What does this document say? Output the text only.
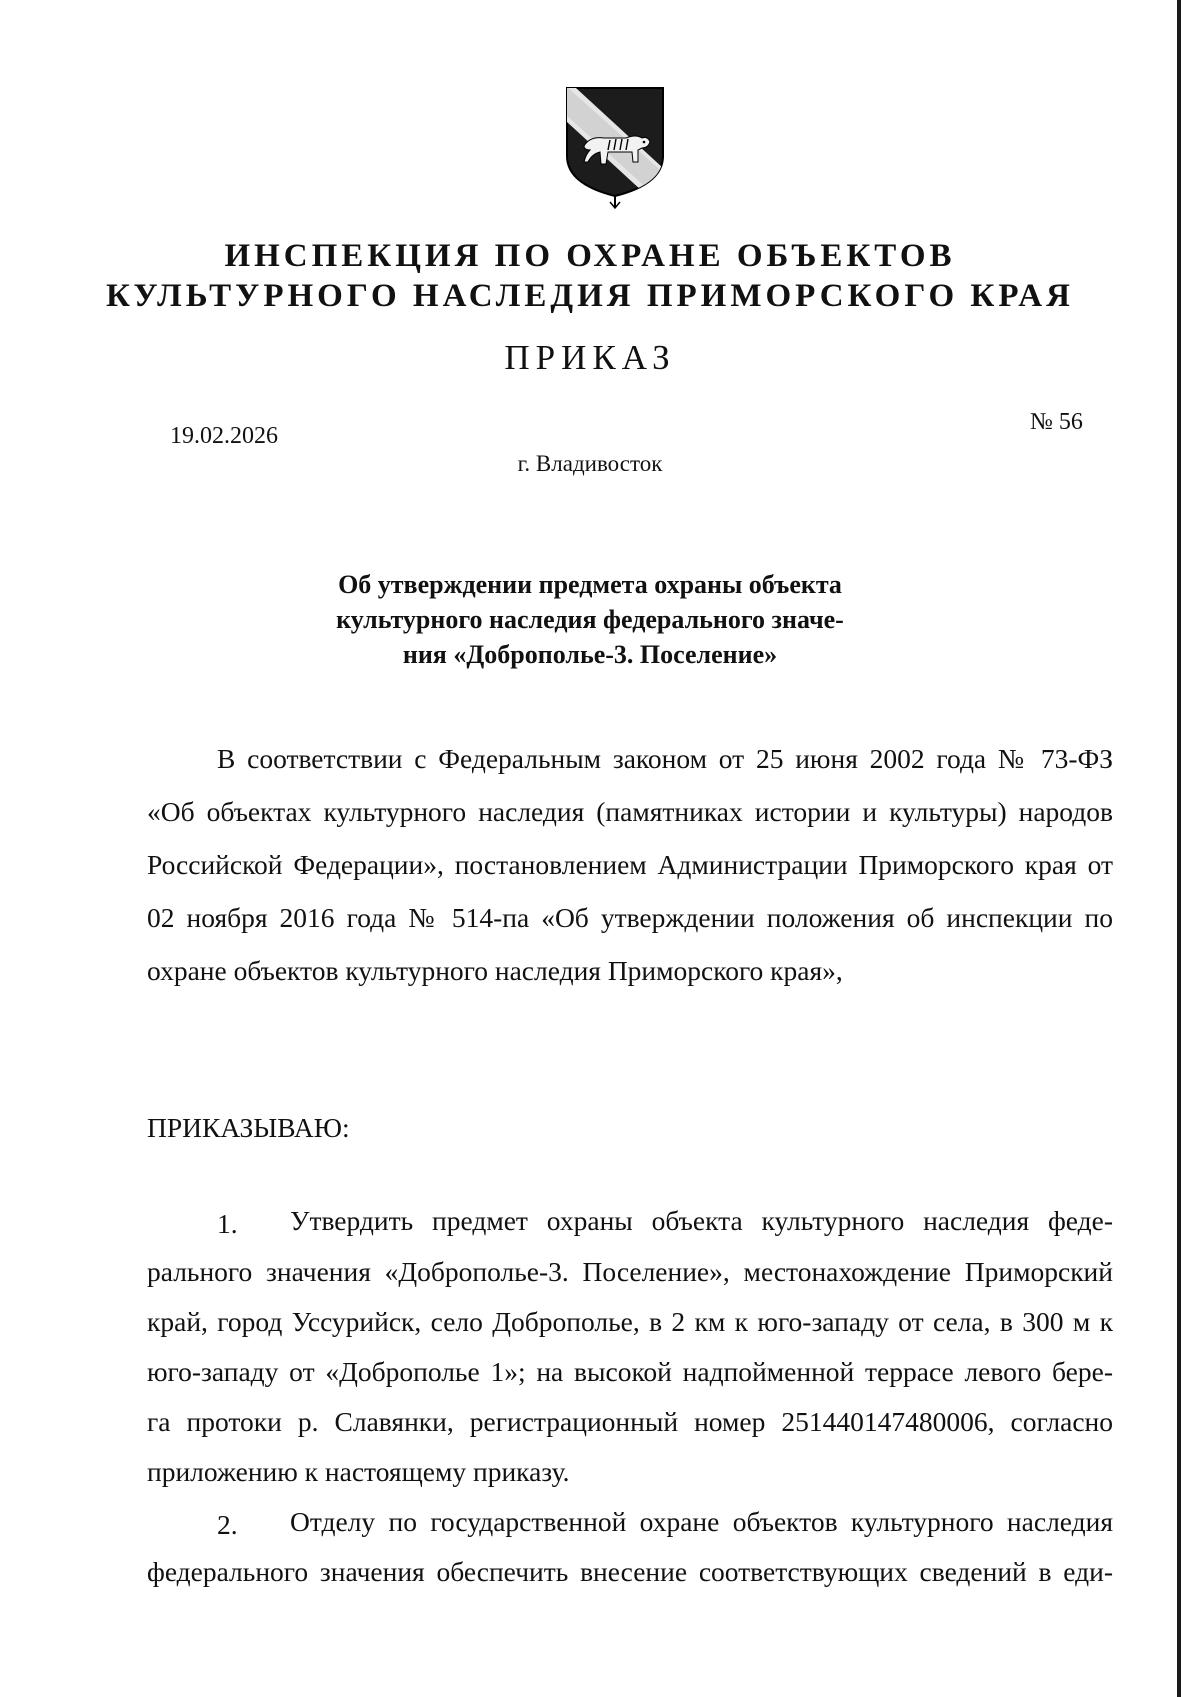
ИНСПЕКЦИЯ ПО ОХРАНЕ ОБЪЕКТОВ
КУЛЬТУРНОГО НАСЛЕДИЯ ПРИМОРСКОГО КРАЯ
ПРИКАЗ
19.02.2026
№ 56
г. Владивосток
Об утверждении предмета охраны объекта
культурного наследия федерального значе-
ния «Доброполье-3. Поселение»
В соответствии с Федеральным законом от 25 июня 2002 года № 73-ФЗ
«Об объектах культурного наследия (памятниках истории и культуры) народов
Российской Федерации», постановлением Администрации Приморского края от
02 ноября 2016 года № 514-па «Об утверждении положения об инспекции по
охране объектов культурного наследия Приморского края»,
ПРИКАЗЫВАЮ:
1. Утвердить предмет охраны объекта культурного наследия феде-
рального значения «Доброполье-3. Поселение», местонахождение Приморский
край, город Уссурийск, село Доброполье, в 2 км к юго-западу от села, в 300 м к
юго-западу от «Доброполье 1»; на высокой надпойменной террасе левого бере-
га протоки р. Славянки, регистрационный номер 251440147480006, согласно
приложению к настоящему приказу.
2. Отделу по государственной охране объектов культурного наследия
федерального значения обеспечить внесение соответствующих сведений в еди-
